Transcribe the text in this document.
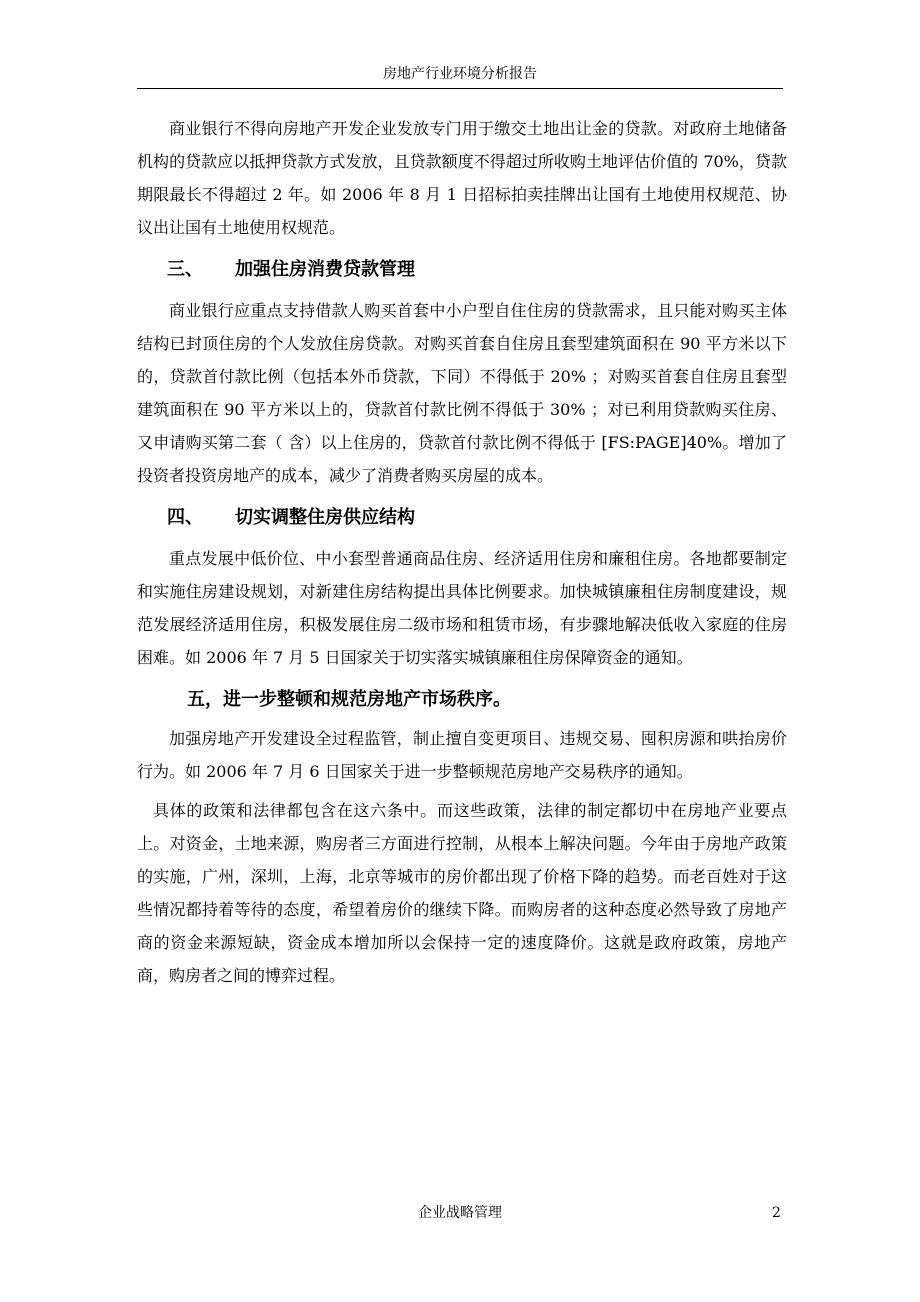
房地产行业环境分析报告

商业银行不得向房地产开发企业发放专门用于缴交土地出让金的贷款。对政府土地储备机构的贷款应以抵押贷款方式发放，且贷款额度不得超过所收购土地评估价值的 70%，贷款期限最长不得超过 2 年。如 2006 年 8 月 1 日招标拍卖挂牌出让国有土地使用权规范、协议出让国有土地使用权规范。

三、	加强住房消费贷款管理

商业银行应重点支持借款人购买首套中小户型自住住房的贷款需求，且只能对购买主体结构已封顶住房的个人发放住房贷款。对购买首套自住房且套型建筑面积在 90 平方米以下的，贷款首付款比例（包括本外币贷款，下同）不得低于 20% ；对购买首套自住房且套型建筑面积在 90 平方米以上的，贷款首付款比例不得低于 30% ；对已利用贷款购买住房、又申请购买第二套（ 含）以上住房的，贷款首付款比例不得低于 [FS:PAGE]40%。增加了投资者投资房地产的成本，减少了消费者购买房屋的成本。

四、	切实调整住房供应结构

重点发展中低价位、中小套型普通商品住房、经济适用住房和廉租住房。各地都要制定和实施住房建设规划，对新建住房结构提出具体比例要求。加快城镇廉租住房制度建设，规范发展经济适用住房，积极发展住房二级市场和租赁市场，有步骤地解决低收入家庭的住房困难。如 2006 年 7 月 5 日国家关于切实落实城镇廉租住房保障资金的通知。

五，进一步整顿和规范房地产市场秩序。

加强房地产开发建设全过程监管，制止擅自变更项目、违规交易、囤积房源和哄抬房价行为。如 2006 年 7 月 6 日国家关于进一步整顿规范房地产交易秩序的通知。

具体的政策和法律都包含在这六条中。而这些政策，法律的制定都切中在房地产业要点上。对资金，土地来源，购房者三方面进行控制，从根本上解决问题。今年由于房地产政策的实施，广州，深圳，上海，北京等城市的房价都出现了价格下降的趋势。而老百姓对于这些情况都持着等待的态度，希望着房价的继续下降。而购房者的这种态度必然导致了房地产商的资金来源短缺，资金成本增加所以会保持一定的速度降价。这就是政府政策，房地产商，购房者之间的博弈过程。

企业战略管理	2
